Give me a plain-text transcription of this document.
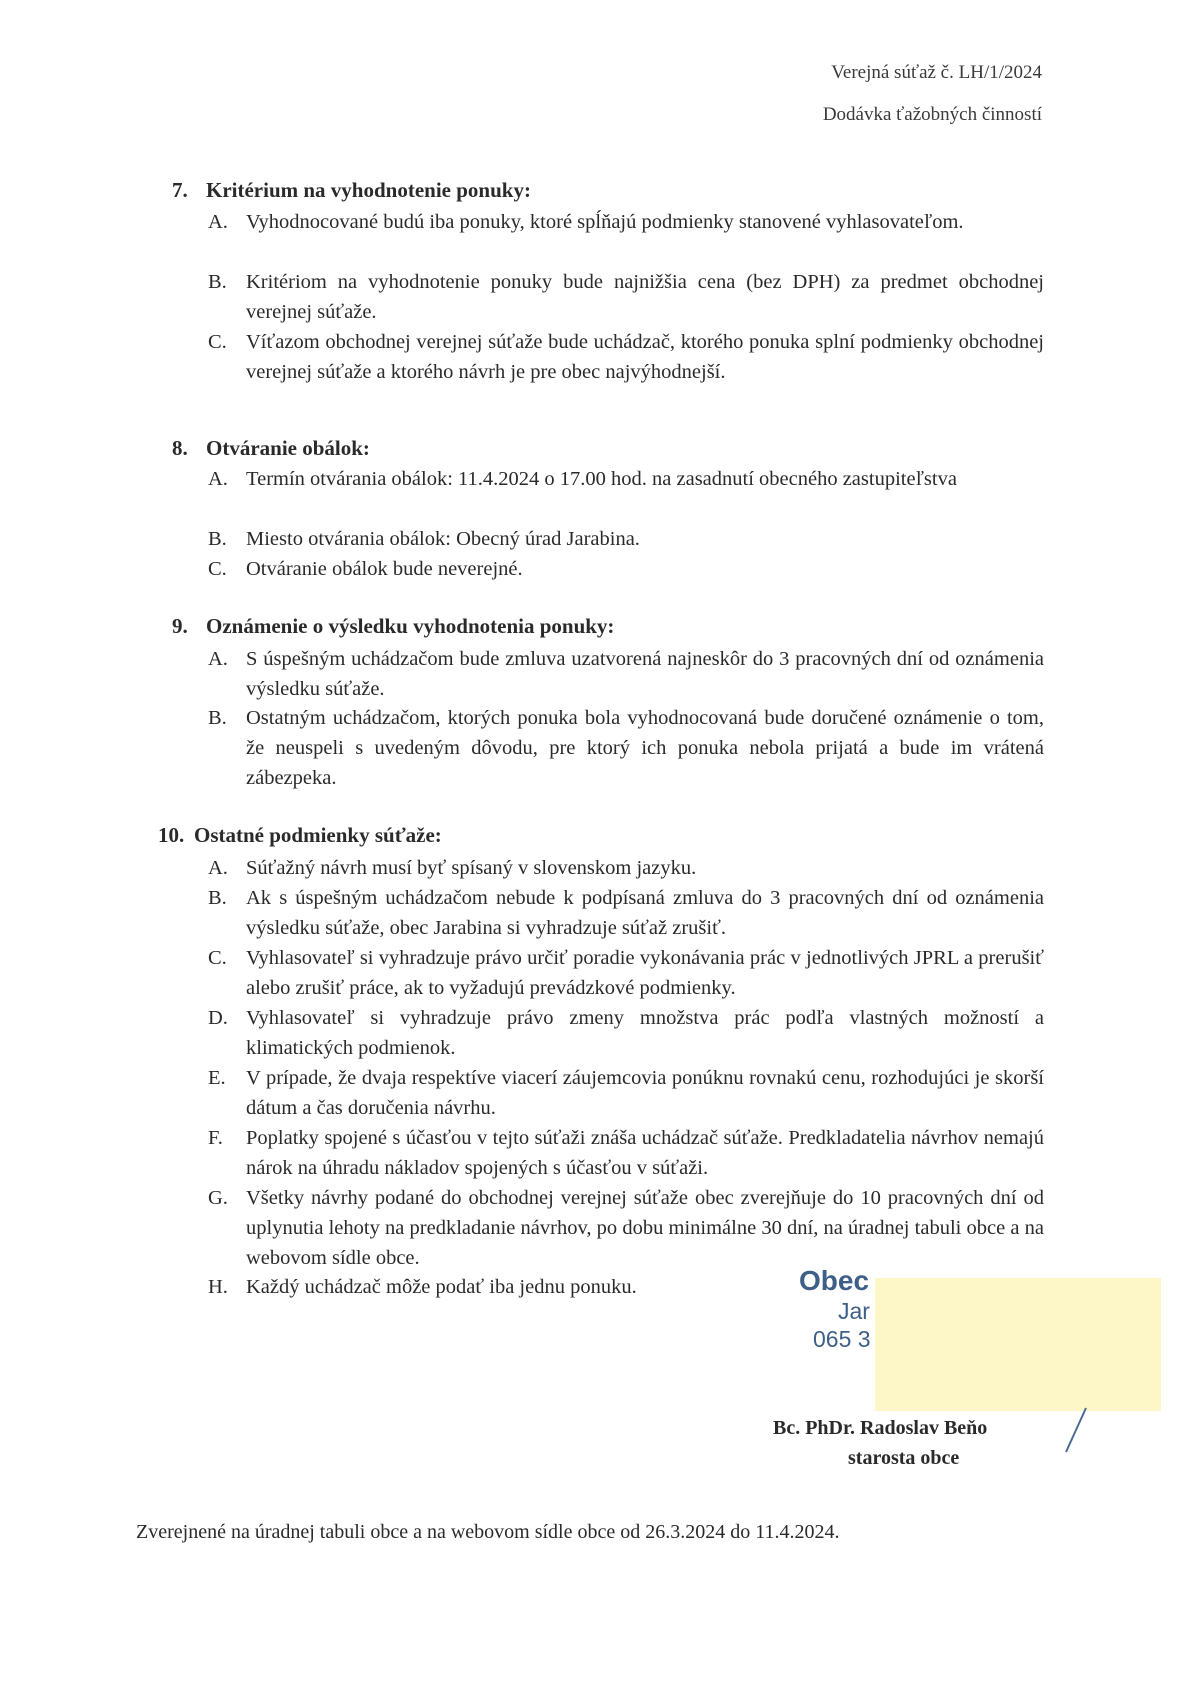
Verejná súťaž č. LH/1/2024
Dodávka ťažobných činností
7. Kritérium na vyhodnotenie ponuky:
A. Vyhodnocované budú iba ponuky, ktoré spĺňajú podmienky stanovené vyhlasovateľom.
B. Kritériom na vyhodnotenie ponuky bude najnižšia cena (bez DPH) za predmet obchodnej verejnej súťaže.
C. Víťazom obchodnej verejnej súťaže bude uchádzač, ktorého ponuka splní podmienky obchodnej verejnej súťaže a ktorého návrh je pre obec najvýhodnejší.
8. Otváranie obálok:
A. Termín otvárania obálok: 11.4.2024 o 17.00 hod. na zasadnutí obecného zastupiteľstva
B. Miesto otvárania obálok: Obecný úrad Jarabina.
C. Otváranie obálok bude neverejné.
9. Oznámenie o výsledku vyhodnotenia ponuky:
A. S úspešným uchádzačom bude zmluva uzatvorená najneskôr do 3 pracovných dní od oznámenia výsledku súťaže.
B. Ostatným uchádzačom, ktorých ponuka bola vyhodnocovaná bude doručené oznámenie o tom, že neuspeli s uvedeným dôvodu, pre ktorý ich ponuka nebola prijatá a bude im vrátená zábezpeka.
10. Ostatné podmienky súťaže:
A. Súťažný návrh musí byť spísaný v slovenskom jazyku.
B. Ak s úspešným uchádzačom nebude k podpísaná zmluva do 3 pracovných dní od oznámenia výsledku súťaže, obec Jarabina si vyhradzuje súťaž zrušiť.
C. Vyhlasovateľ si vyhradzuje právo určiť poradie vykonávania prác v jednotlivých JPRL a prerušiť alebo zrušiť práce, ak to vyžadujú prevádzkové podmienky.
D. Vyhlasovateľ si vyhradzuje právo zmeny množstva prác podľa vlastných možností a klimatických podmienok.
E. V prípade, že dvaja respektíve viacerí záujemcovia ponúknu rovnakú cenu, rozhodujúci je skorší dátum a čas doručenia návrhu.
F.	Poplatky spojené s účasťou v tejto súťaži znáša uchádzač súťaže. Predkladatelia návrhov nemajú nárok na úhradu nákladov spojených s účasťou v súťaži.
G. Všetky návrhy podané do obchodnej verejnej súťaže obec zverejňuje do 10 pracovných dní od uplynutia lehoty na predkladanie návrhov, po dobu minimálne 30 dní, na úradnej tabuli obce a na webovom sídle obce.
H. Každý uchádzač môže podať iba jednu ponuku.	Obec
Jar
065 3
Bc. PhDr. Radoslav Beňo
starosta obce
Zverejnené na úradnej tabuli obce a na webovom sídle obce od 26.3.2024 do 11.4.2024.
